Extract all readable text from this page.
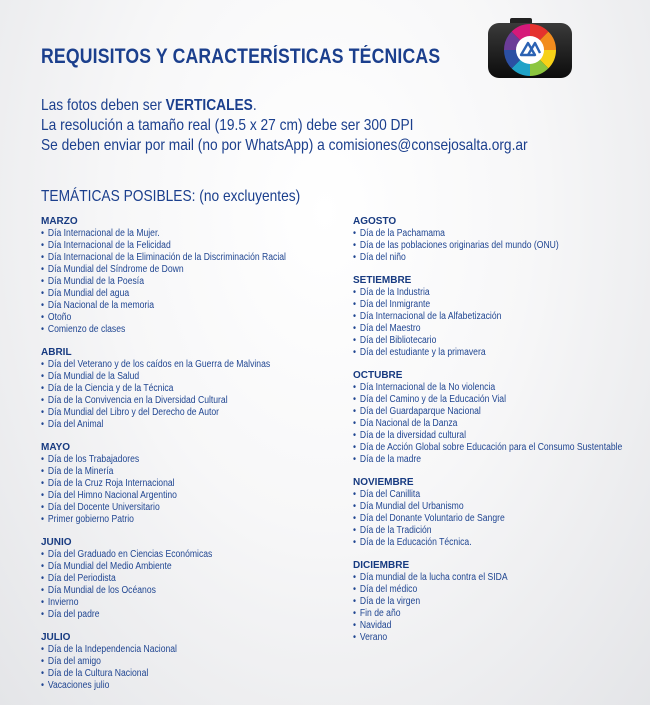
REQUISITOS Y CARACTERÍSTICAS TÉCNICAS
Las fotos deben ser VERTICALES.
La resolución a tamaño real (19.5 x 27 cm) debe ser 300 DPI
Se deben enviar por mail (no por WhatsApp) a comisiones@consejosalta.org.ar
TEMÁTICAS POSIBLES: (no excluyentes)
MARZO
• Día Internacional de la Mujer.
• Día Internacional de la Felicidad
• Día Internacional de la Eliminación de la Discriminación Racial
• Día Mundial del Síndrome de Down
• Día Mundial de la Poesía
• Día Mundial del agua
• Día Nacional de la memoria
• Otoño
• Comienzo de clases
ABRIL
• Día del Veterano y de los caídos en la Guerra de Malvinas
• Día Mundial de la Salud
• Día de la Ciencia y de la Técnica
• Día de la Convivencia en la Diversidad Cultural
• Día Mundial del Libro y del Derecho de Autor
• Día del Animal
MAYO
• Día de los Trabajadores
• Día de la Minería
• Día de la Cruz Roja Internacional
• Día del Himno Nacional Argentino
• Día del Docente Universitario
• Primer gobierno Patrio
JUNIO
• Día del Graduado en Ciencias Económicas
• Día Mundial del Medio Ambiente
• Día del Periodista
• Día Mundial de los Océanos
• Invierno
• Día del padre
JULIO
• Día de la Independencia Nacional
• Día del amigo
• Día de la Cultura Nacional
• Vacaciones julio
AGOSTO
• Día de la Pachamama
• Día de las poblaciones originarias del mundo (ONU)
• Día del niño
SETIEMBRE
• Día de la Industria
• Día del Inmigrante
• Día Internacional de la Alfabetización
• Día del Maestro
• Día del Bibliotecario
• Día del estudiante y la primavera
OCTUBRE
• Día Internacional de la No violencia
• Día del Camino y de la Educación Vial
• Día del Guardaparque Nacional
• Día Nacional de la Danza
• Día de la diversidad cultural
• Día de Acción Global sobre Educación para el Consumo Sustentable
• Día de la madre
NOVIEMBRE
• Día del Canillita
• Día Mundial del Urbanismo
• Día del Donante Voluntario de Sangre
• Día de la Tradición
• Día de la Educación Técnica.
DICIEMBRE
• Día mundial de la lucha contra el SIDA
• Día del médico
• Día de la virgen
• Fin de año
• Navidad
• Verano
